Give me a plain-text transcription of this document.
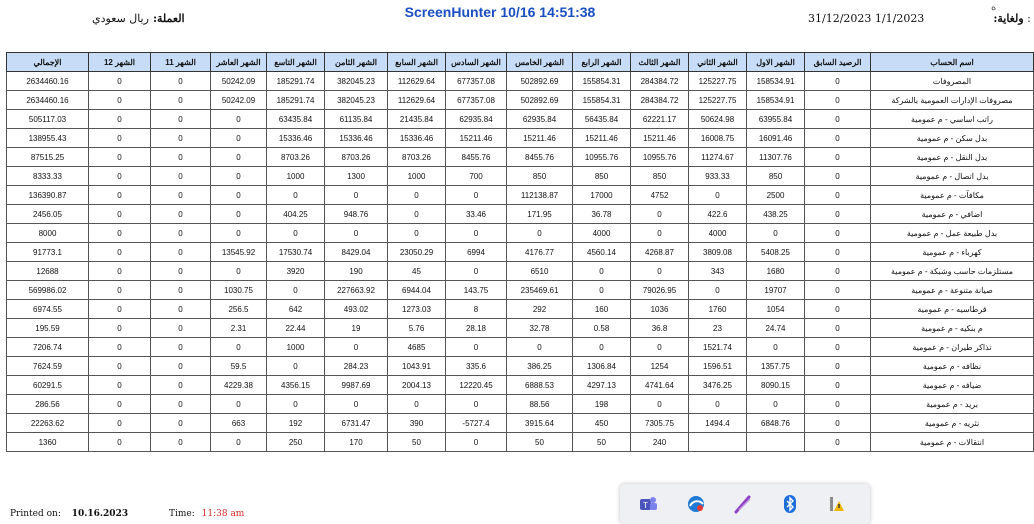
ScreenHunter 10/16 14:51:38
العملة:ريال سعودي	31/12/2023	ولغاية:  1/1/2023	:
ه
اسم الحساب	الرصيد السابق	الشهر الاول	الشهر الثاني	الشهر الثالث	الشهر الرابع	الشهر الخامس	الشهر السادس	الشهر السابع	الشهر الثامن	الشهر التاسع	الشهر العاشر	الشهر 11	الشهر 12	الإجمالي
المصروفات	0	158534.91	125227.75	284384.72	155854.31	502892.69	677357.08	112629.64	382045.23	185291.74	50242.09	0	0	2634460.16
مصروفات الإدارات العمومية بالشركة	0	158534.91	125227.75	284384.72	155854.31	502892.69	677357.08	112629.64	382045.23	185291.74	50242.09	0	0	2634460.16
راتب اساسي - م عمومية	0	63955.84	50624.98	62221.17	56435.84	62935.84	62935.84	21435.84	61135.84	63435.84	0	0	0	505117.03
بدل سكن - م عمومية	0	16091.46	16008.75	15211.46	15211.46	15211.46	15211.46	15336.46	15336.46	15336.46	0	0	0	138955.43
بدل النقل - م عمومية	0	11307.76	11274.67	10955.76	10955.76	8455.76	8455.76	8703.26	8703.26	8703.26	0	0	0	87515.25
بدل اتصال - م عمومية	0	850	933.33	850	850	850	700	1000	1300	1000	0	0	0	8333.33
مكافآت - م عمومية	0	2500	0	4752	17000	112138.87	0	0	0	0	0	0	0	136390.87
اضافي - م عمومية	0	438.25	422.6	0	36.78	171.95	33.46	0	948.76	404.25	0	0	0	2456.05
بدل طبيعة عمل - م عمومية	0	0	4000	0	4000	0	0	0	0	0	0	0	0	8000
كهرباء - م عمومية	0	5408.25	3809.08	4268.87	4560.14	4176.77	6994	23050.29	8429.04	17530.74	13545.92	0	0	91773.1
مستلزمات حاسب وشبكة - م عمومية	0	1680	343	0	0	6510	0	45	190	3920	0	0	0	12688
صيانة متنوعة - م عمومية	0	19707	0	79026.95	0	235469.61	143.75	6944.04	227663.92	0	1030.75	0	0	569986.02
قرطاسيه - م عمومية	0	1054	1760	1036	160	292	8	1273.03	493.02	642	256.5	0	0	6974.55
م بنكيه - م عمومية	0	24.74	23	36.8	0.58	32.78	28.18	5.76	19	22.44	2.31	0	0	195.59
تذاكر طيران - م عمومية	0	0	1521.74	0	0	0	0	4685	0	1000	0	0	0	7206.74
نظافه - م عمومية	0	1357.75	1596.51	1254	1306.84	386.25	335.6	1043.91	284.23	0	59.5	0	0	7624.59
ضيافه - م عمومية	0	8090.15	3476.25	4741.64	4297.13	6888.53	12220.45	2004.13	9987.69	4356.15	4229.38	0	0	60291.5
بريد - م عمومية	0	0	0	0	198	88.56	0	0	0	0	0	0	0	286.56
نثريه - م عمومية	0	6848.76	1494.4	7305.75	450	3915.64	-5727.4	390	6731.47	192	663	0	0	22263.62
انتقالات - م عمومية	0			240	50	50	0	50	170	250	0	0	0	1360
Printed on: 10.16.2023	Time: 11:38 am
T
